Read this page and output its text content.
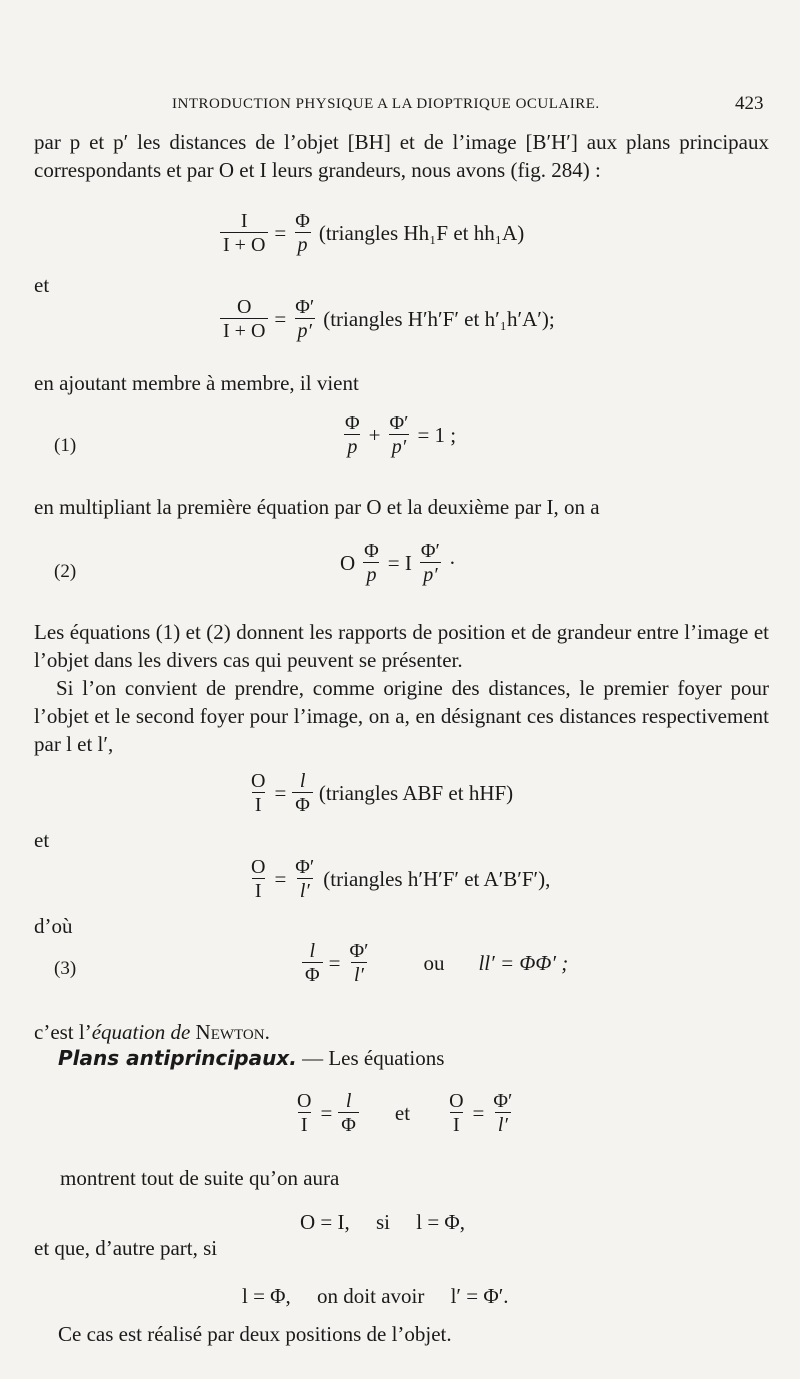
INTRODUCTION PHYSIQUE A LA DIOPTRIQUE OCULAIRE.	423
par p et p′ les distances de l’objet [BH] et de l’image [B′H′] aux plans principaux correspondants et par O et I leurs grandeurs, nous avons (fig. 284) :
$\frac{I}{I + O} = \frac{\Phi}{p}$ (triangles Hh₁F et hh₁A)
et
$\frac{O}{I + O} = \frac{\Phi'}{p'}$ (triangles H′h′F′ et h′₁h′A′);
en ajoutant membre à membre, il vient
(1)	$\frac{\Phi}{p} + \frac{\Phi'}{p'} = 1$ ;
en multipliant la première équation par O et la deuxième par I, on a
(2)	O $\frac{\Phi}{p} = I \frac{\Phi'}{p'}$ ·
Les équations (1) et (2) donnent les rapports de position et de grandeur entre l’image et l’objet dans les divers cas qui peuvent se présenter.
Si l’on convient de prendre, comme origine des distances, le premier foyer pour l’objet et le second foyer pour l’image, on a, en désignant ces distances respectivement par l et l′,
$\frac{O}{I} = \frac{l}{\Phi}$ (triangles ABF et hHF)
et
$\frac{O}{I} = \frac{\Phi'}{l'}$ (triangles h′H′F′ et A′B′F′),
d’où
(3)	$\frac{l}{\Phi} = \frac{\Phi'}{l'}$ ou ll′ = ΦΦ′ ;
c’est l’équation de Newton.
Plans antiprincipaux. — Les équations
$\frac{O}{I} = \frac{l}{\Phi}$ et $\frac{O}{I} = \frac{\Phi'}{l'}$
montrent tout de suite qu’on aura
O = I,     si     l = Φ,
et que, d’autre part, si
l = Φ,     on doit avoir     l′ = Φ′.
Ce cas est réalisé par deux positions de l’objet.
